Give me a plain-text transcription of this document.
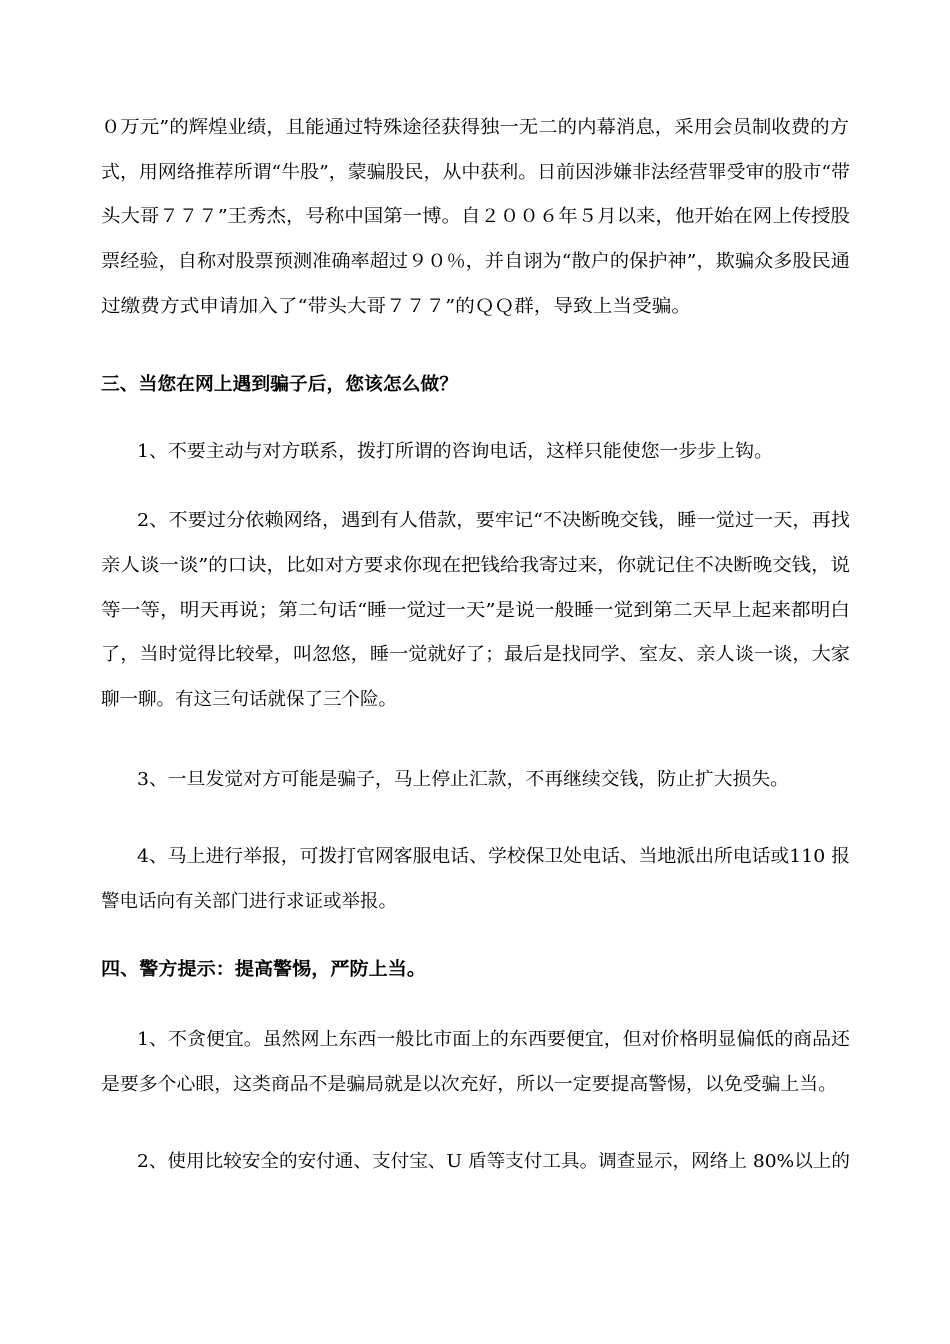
０万元”的辉煌业绩，且能通过特殊途径获得独一无二的内幕消息，采用会员制收费的方
式，用网络推荐所谓“牛股”，蒙骗股民，从中获利。日前因涉嫌非法经营罪受审的股市“带
头大哥７７７”王秀杰，号称中国第一博。自２００６年５月以来，他开始在网上传授股
票经验，自称对股票预测准确率超过９０％，并自诩为“散户的保护神”，欺骗众多股民通
过缴费方式申请加入了“带头大哥７７７”的ＱＱ群，导致上当受骗。
三、当您在网上遇到骗子后，您该怎么做？
1、不要主动与对方联系，拨打所谓的咨询电话，这样只能使您一步步上钩。
2、不要过分依赖网络，遇到有人借款，要牢记“不决断晚交钱，睡一觉过一天，再找
亲人谈一谈”的口诀，比如对方要求你现在把钱给我寄过来，你就记住不决断晚交钱，说
等一等，明天再说；第二句话“睡一觉过一天”是说一般睡一觉到第二天早上起来都明白
了，当时觉得比较晕，叫忽悠，睡一觉就好了；最后是找同学、室友、亲人谈一谈，大家
聊一聊。有这三句话就保了三个险。
3、一旦发觉对方可能是骗子，马上停止汇款，不再继续交钱，防止扩大损失。
4、马上进行举报，可拨打官网客服电话、学校保卫处电话、当地派出所电话或110 报
警电话向有关部门进行求证或举报。
四、警方提示：提高警惕，严防上当。
1、不贪便宜。虽然网上东西一般比市面上的东西要便宜，但对价格明显偏低的商品还
是要多个心眼，这类商品不是骗局就是以次充好，所以一定要提高警惕，以免受骗上当。
2、使用比较安全的安付通、支付宝、U 盾等支付工具。调查显示，网络上 80%以上的
